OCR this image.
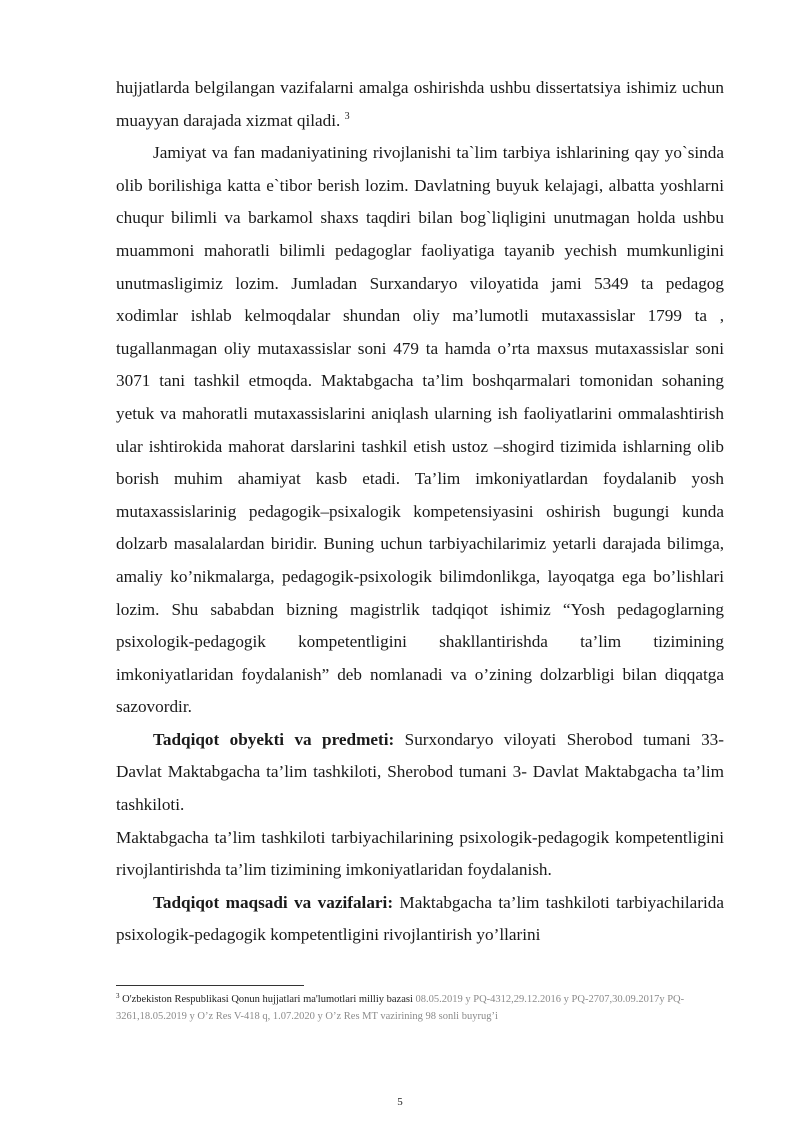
hujjatlarda belgilangan vazifalarni amalga oshirishda ushbu dissertatsiya ishimiz uchun muayyan darajada xizmat qiladi. $^3$

Jamiyat va fan madaniyatining rivojlanishi ta`lim tarbiya ishlarining qay yo`sinda olib borilishiga katta e`tibor berish lozim. Davlatning buyuk kelajagi, albatta yoshlarni chuqur bilimli va barkamol shaxs taqdiri bilan bog`liqligini unutmagan holda ushbu muammoni mahoratli bilimli pedagoglar faoliyatiga tayanib yechish mumkunligini unutmasligimiz lozim. Jumladan Surxandaryo viloyatida jami 5349 ta pedagog xodimlar ishlab kelmoqdalar shundan oliy ma’lumotli mutaxassislar 1799 ta , tugallanmagan oliy mutaxassislar soni 479 ta hamda o’rta maxsus mutaxassislar soni 3071 tani tashkil etmoqda. Maktabgacha ta’lim boshqarmalari tomonidan sohaning yetuk va mahoratli mutaxassislarini aniqlash ularning ish faoliyatlarini ommalashtirish ular ishtirokida mahorat darslarini tashkil etish ustoz –shogird tizimida ishlarning olib borish muhim ahamiyat kasb etadi. Ta’lim imkoniyatlardan foydalanib yosh mutaxassislarinig pedagogik–psixalogik kompetensiyasini oshirish bugungi kunda dolzarb masalalardan biridir. Buning uchun tarbiyachilarimiz yetarli darajada bilimga, amaliy ko’nikmalarga, pedagogik-psixologik bilimdonlikga, layoqatga ega bo’lishlari lozim. Shu sababdan bizning magistrlik tadqiqot ishimiz “Yosh pedagoglarning psixologik-pedagogik kompetentligini shakllantirishda ta’lim tizimining imkoniyatlaridan foydalanish” deb nomlanadi va o’zining dolzarbligi bilan diqqatga sazovordir.

Tadqiqot obyekti va predmeti: Surxondaryo viloyati Sherobod tumani 33- Davlat Maktabgacha ta’lim tashkiloti, Sherobod tumani 3- Davlat Maktabgacha ta’lim tashkiloti.

Maktabgacha ta’lim tashkiloti tarbiyachilarining psixologik-pedagogik kompetentligini rivojlantirishda ta’lim tizimining imkoniyatlaridan foydalanish.

Tadqiqot maqsadi va vazifalari: Maktabgacha ta’lim tashkiloti tarbiyachilarida psixologik-pedagogik kompetentligini rivojlantirish yo’llarini

$^3$ O'zbekiston Respublikasi Qonun hujjatlari ma'lumotlari milliy bazasi 08.05.2019 y PQ-4312,29.12.2016 y PQ-2707,30.09.2017y PQ-3261,18.05.2019 y O’z Res V-418 q, 1.07.2020 y O’z Res MT vazirining 98 sonli buyrug’i
5
